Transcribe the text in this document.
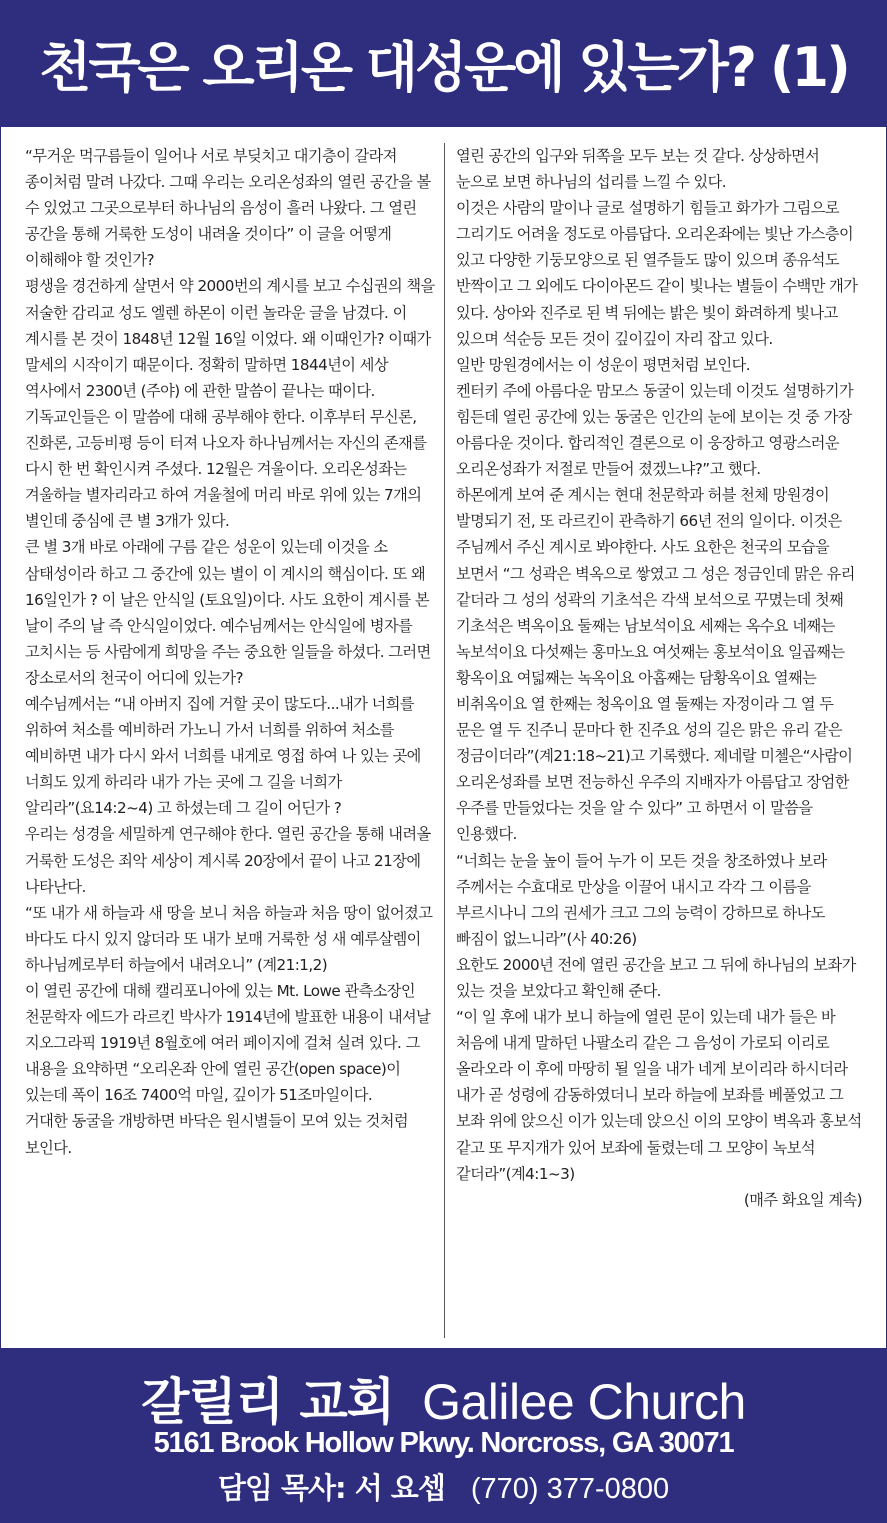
천국은 오리온 대성운에 있는가? (1)

“무거운 먹구름들이 일어나 서로 부딪치고 대기층이 갈라져 종이처럼 말려 나갔다. 그때 우리는 오리온성좌의 열린 공간을 볼 수 있었고 그곳으로부터 하나님의 음성이 흘러 나왔다. 그 열린 공간을 통해 거룩한 도성이 내려올 것이다” 이 글을 어떻게 이해해야 할 것인가?

평생을 경건하게 살면서 약 2000번의 계시를 보고 수십권의 책을 저술한 감리교 성도 엘렌 하몬이 이런 놀라운 글을 남겼다. 이 계시를 본 것이 1848년 12월 16일 이었다. 왜 이때인가? 이때가 말세의 시작이기 때문이다. 정확히 말하면 1844년이 세상 역사에서 2300년 (주야) 에 관한 말씀이 끝나는 때이다. 기독교인들은 이 말씀에 대해 공부해야 한다. 이후부터 무신론, 진화론, 고등비평 등이 터져 나오자 하나님께서는 자신의 존재를 다시 한 번 확인시켜 주셨다. 12월은 겨울이다. 오리온성좌는 겨울하늘 별자리라고 하여 겨울철에 머리 바로 위에 있는 7개의 별인데 중심에 큰 별 3개가 있다.

큰 별 3개 바로 아래에 구름 같은 성운이 있는데 이것을 소 삼태성이라 하고 그 중간에 있는 별이 이 계시의 핵심이다. 또 왜 16일인가 ? 이 날은 안식일 (토요일)이다. 사도 요한이 계시를 본 날이 주의 날 즉 안식일이었다. 예수님께서는 안식일에 병자를 고치시는 등 사람에게 희망을 주는 중요한 일들을 하셨다. 그러면 장소로서의 천국이 어디에 있는가?

예수님께서는 “내 아버지 집에 거할 곳이 많도다...내가 너희를 위하여 처소를 예비하러 가노니 가서 너희를 위하여 처소를 예비하면 내가 다시 와서 너희를 내게로 영접 하여 나 있는 곳에 너희도 있게 하리라 내가 가는 곳에 그 길을 너희가 알리라”(요14:2~4) 고 하셨는데 그 길이 어딘가 ?

우리는 성경을 세밀하게 연구해야 한다. 열린 공간을 통해 내려올 거룩한 도성은 죄악 세상이 계시록 20장에서 끝이 나고 21장에 나타난다.

“또 내가 새 하늘과 새 땅을 보니 처음 하늘과 처음 땅이 없어졌고 바다도 다시 있지 않더라 또 내가 보매 거룩한 성 새 예루살렘이 하나님께로부터 하늘에서 내려오니” (계21:1,2)

이 열린 공간에 대해 캘리포니아에 있는 Mt. Lowe 관측소장인 천문학자 에드가 라르킨 박사가 1914년에 발표한 내용이 내셔날 지오그라픽 1919년 8월호에 여러 페이지에 걸쳐 실려 있다. 그 내용을 요약하면 “오리온좌 안에 열린 공간(open space)이 있는데 폭이 16조 7400억 마일, 깊이가 51조마일이다.

거대한 동굴을 개방하면 바닥은 원시별들이 모여 있는 것처럼 보인다.

열린 공간의 입구와 뒤쪽을 모두 보는 것 같다. 상상하면서 눈으로 보면 하나님의 섭리를 느낄 수 있다.

이것은 사람의 말이나 글로 설명하기 힘들고 화가가 그림으로 그리기도 어려울 정도로 아름답다. 오리온좌에는 빛난 가스층이 있고 다양한 기둥모양으로 된 열주들도 많이 있으며 종유석도 반짝이고 그 외에도 다이아몬드 같이 빛나는 별들이 수백만 개가 있다. 상아와 진주로 된 벽 뒤에는 밝은 빛이 화려하게 빛나고 있으며 석순등 모든 것이 깊이깊이 자리 잡고 있다.

일반 망원경에서는 이 성운이 평면처럼 보인다.

켄터키 주에 아름다운 맘모스 동굴이 있는데 이것도 설명하기가 힘든데 열린 공간에 있는 동굴은 인간의 눈에 보이는 것 중 가장 아름다운 것이다. 합리적인 결론으로 이 웅장하고 영광스러운 오리온성좌가 저절로 만들어 졌겠느냐?”고 했다.

하몬에게 보여 준 계시는 현대 천문학과 허블 천체 망원경이 발명되기 전, 또 라르킨이 관측하기 66년 전의 일이다. 이것은 주님께서 주신 계시로 봐야한다. 사도 요한은 천국의 모습을 보면서 “그 성곽은 벽옥으로 쌓였고 그 성은 정금인데 맑은 유리 같더라 그 성의 성곽의 기초석은 각색 보석으로 꾸몄는데 첫째 기초석은 벽옥이요 둘째는 남보석이요 세째는 옥수요 네째는 녹보석이요 다섯째는 홍마노요 여섯째는 홍보석이요 일곱째는 황옥이요 여덟째는 녹옥이요 아홉째는 담황옥이요 열째는 비취옥이요 열 한째는 청옥이요 열 둘째는 자정이라 그 열 두 문은 열 두 진주니 문마다 한 진주요 성의 길은 맑은 유리 같은 정금이더라”(계21:18~21)고 기록했다. 제네랄 미첼은“사람이 오리온성좌를 보면 전능하신 우주의 지배자가 아름답고 장엄한 우주를 만들었다는 것을 알 수 있다” 고 하면서 이 말씀을 인용했다.

“너희는 눈을 높이 들어 누가 이 모든 것을 창조하였나 보라 주께서는 수효대로 만상을 이끌어 내시고 각각 그 이름을 부르시나니 그의 권세가 크고 그의 능력이 강하므로 하나도 빠짐이 없느니라”(사 40:26)

요한도 2000년 전에 열린 공간을 보고 그 뒤에 하나님의 보좌가 있는 것을 보았다고 확인해 준다.

“이 일 후에 내가 보니 하늘에 열린 문이 있는데 내가 들은 바 처음에 내게 말하던 나팔소리 같은 그 음성이 가로되 이리로 올라오라 이 후에 마땅히 될 일을 내가 네게 보이리라 하시더라 내가 곧 성령에 감동하였더니 보라 하늘에 보좌를 베풀었고 그 보좌 위에 앉으신 이가 있는데 앉으신 이의 모양이 벽옥과 홍보석 같고 또 무지개가 있어 보좌에 둘렸는데 그 모양이 녹보석 같더라”(계4:1~3)

(매주 화요일 계속)

갈릴리 교회 Galilee Church
5161 Brook Hollow Pkwy. Norcross, GA 30071
담임 목사: 서 요셉 (770) 377-0800
